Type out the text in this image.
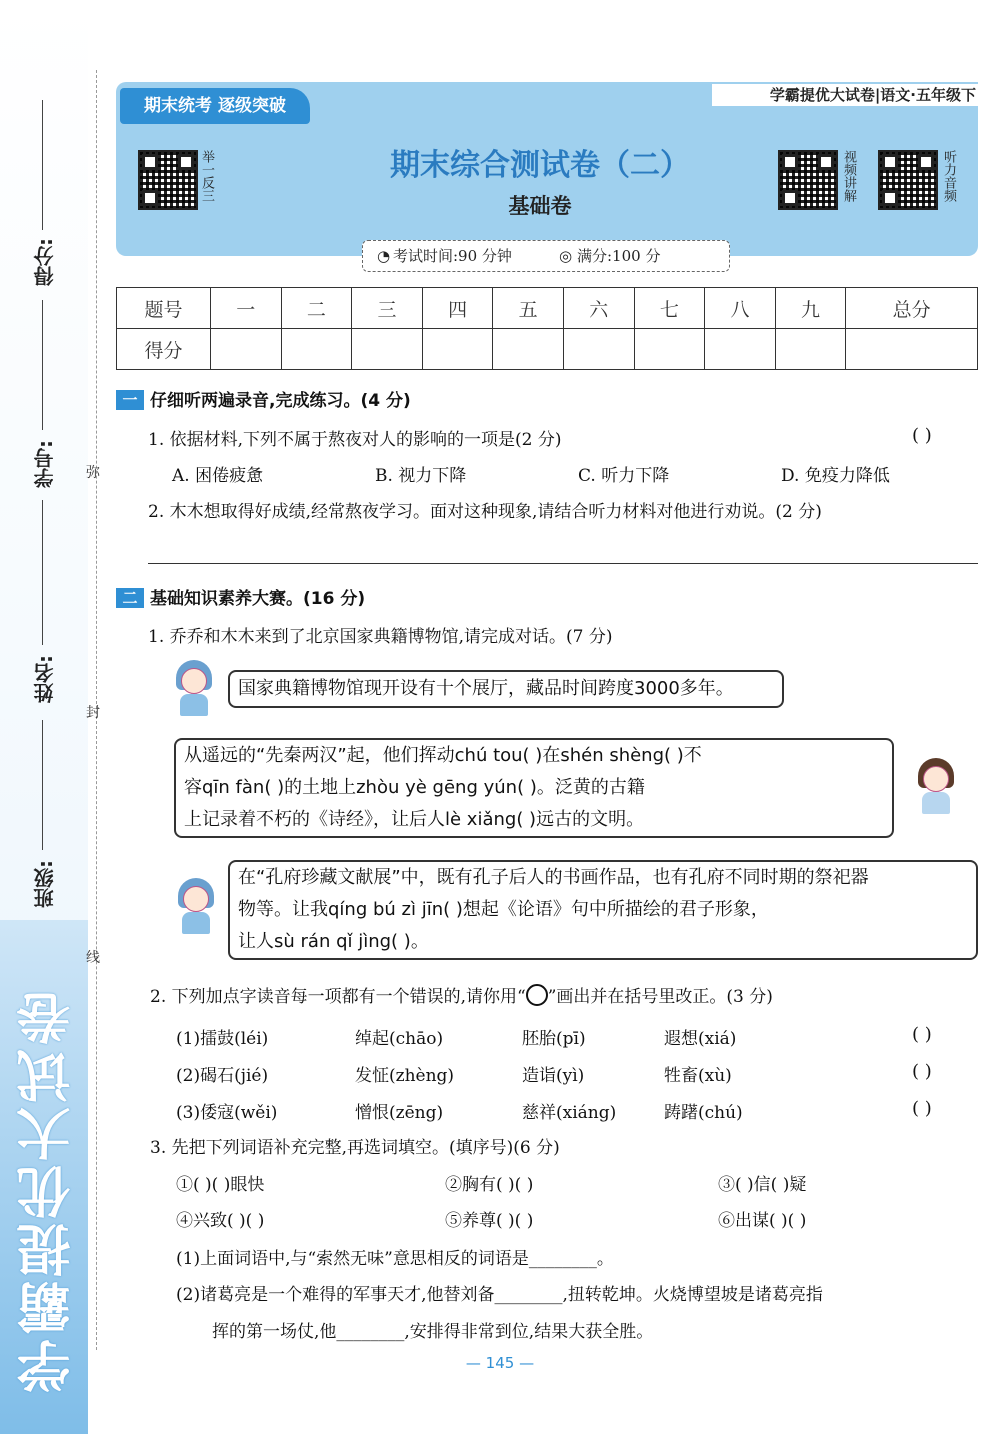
学霸提优大试卷
得分:
学号:
姓名:
班级:
弥
封
线
期末统考 逐级突破
学霸提优大试卷|语文·五年级下
期末综合测试卷（二）
基础卷
举一反三	视频讲解	听力音频
◔ 考试时间:90 分钟	◎ 满分:100 分
题号	一	二	三	四	五	六	七	八	九	总分
得分										
一 仔细听两遍录音,完成练习。(4 分)
1. 依据材料,下列不属于熬夜对人的影响的一项是(2 分)	( )
A. 困倦疲惫	B. 视力下降	C. 听力下降	D. 免疫力降低
2. 木木想取得好成绩,经常熬夜学习。面对这种现象,请结合听力材料对他进行劝说。(2 分)
二 基础知识素养大赛。(16 分)
1. 乔乔和木木来到了北京国家典籍博物馆,请完成对话。(7 分)
国家典籍博物馆现开设有十个展厅，藏品时间跨度3000多年。
从遥远的“先秦两汉”起，他们挥动chú tou( )在shén shèng( )不
容qīn fàn( )的土地上zhòu yè gēng yún( )。泛黄的古籍
上记录着不朽的《诗经》，让后人lè xiǎng( )远古的文明。
在“孔府珍藏文献展”中，既有孔子后人的书画作品，也有孔府不同时期的祭祀器
物等。让我qíng bú zì jīn( )想起《论语》句中所描绘的君子形象，
让人sù rán qǐ jìng( )。
2. 下列加点字读音每一项都有一个错误的,请你用“ ”画出并在括号里改正。(3 分)
(1)擂鼓(léi)	绰起(chāo)	胚胎(pī)	遐想(xiá)	( )
(2)碣石(jié)	发怔(zhèng)	造诣(yì)	牲畜(xù)	( )
(3)倭寇(wěi)	憎恨(zēng)	慈祥(xiáng)	踌躇(chú)	( )
3. 先把下列词语补充完整,再选词填空。(填序号)(6 分)
①( )( )眼快	②胸有( )( )	③( )信( )疑
④兴致( )( )	⑤养尊( )( )	⑥出谋( )( )
(1)上面词语中,与“索然无味”意思相反的词语是________。
(2)诸葛亮是一个难得的军事天才,他替刘备________,扭转乾坤。火烧博望坡是诸葛亮指
挥的第一场仗,他________,安排得非常到位,结果大获全胜。
— 145 —
